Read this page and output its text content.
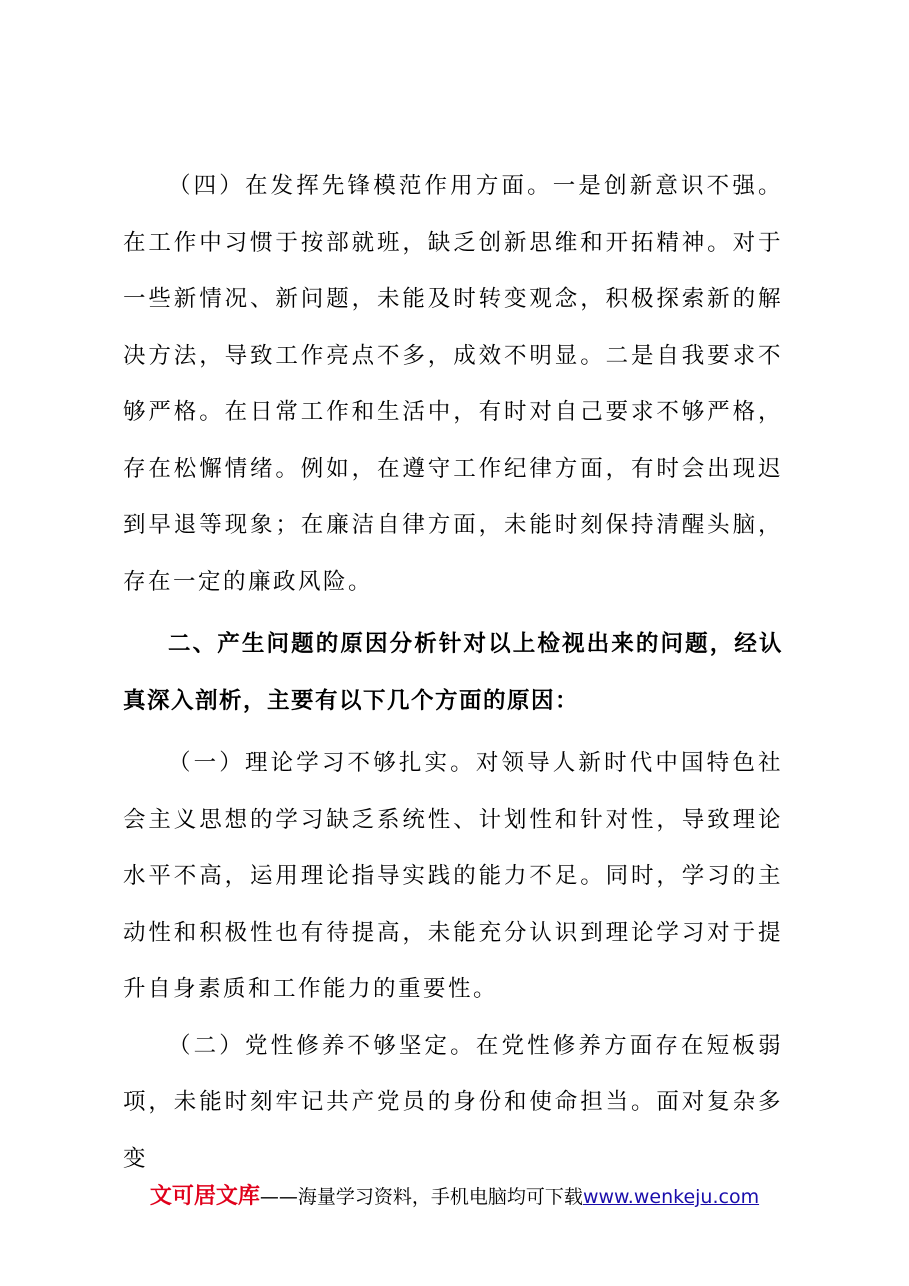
（四）在发挥先锋模范作用方面。一是创新意识不强。在工作中习惯于按部就班，缺乏创新思维和开拓精神。对于一些新情况、新问题，未能及时转变观念，积极探索新的解决方法，导致工作亮点不多，成效不明显。二是自我要求不够严格。在日常工作和生活中，有时对自己要求不够严格，存在松懈情绪。例如，在遵守工作纪律方面，有时会出现迟到早退等现象；在廉洁自律方面，未能时刻保持清醒头脑，存在一定的廉政风险。

二、产生问题的原因分析针对以上检视出来的问题，经认真深入剖析，主要有以下几个方面的原因：

（一）理论学习不够扎实。对领导人新时代中国特色社会主义思想的学习缺乏系统性、计划性和针对性，导致理论水平不高，运用理论指导实践的能力不足。同时，学习的主动性和积极性也有待提高，未能充分认识到理论学习对于提升自身素质和工作能力的重要性。

（二）党性修养不够坚定。在党性修养方面存在短板弱项，未能时刻牢记共产党员的身份和使命担当。面对复杂多变

文可居文库——海量学习资料，手机电脑均可下载www.wenkeju.com
